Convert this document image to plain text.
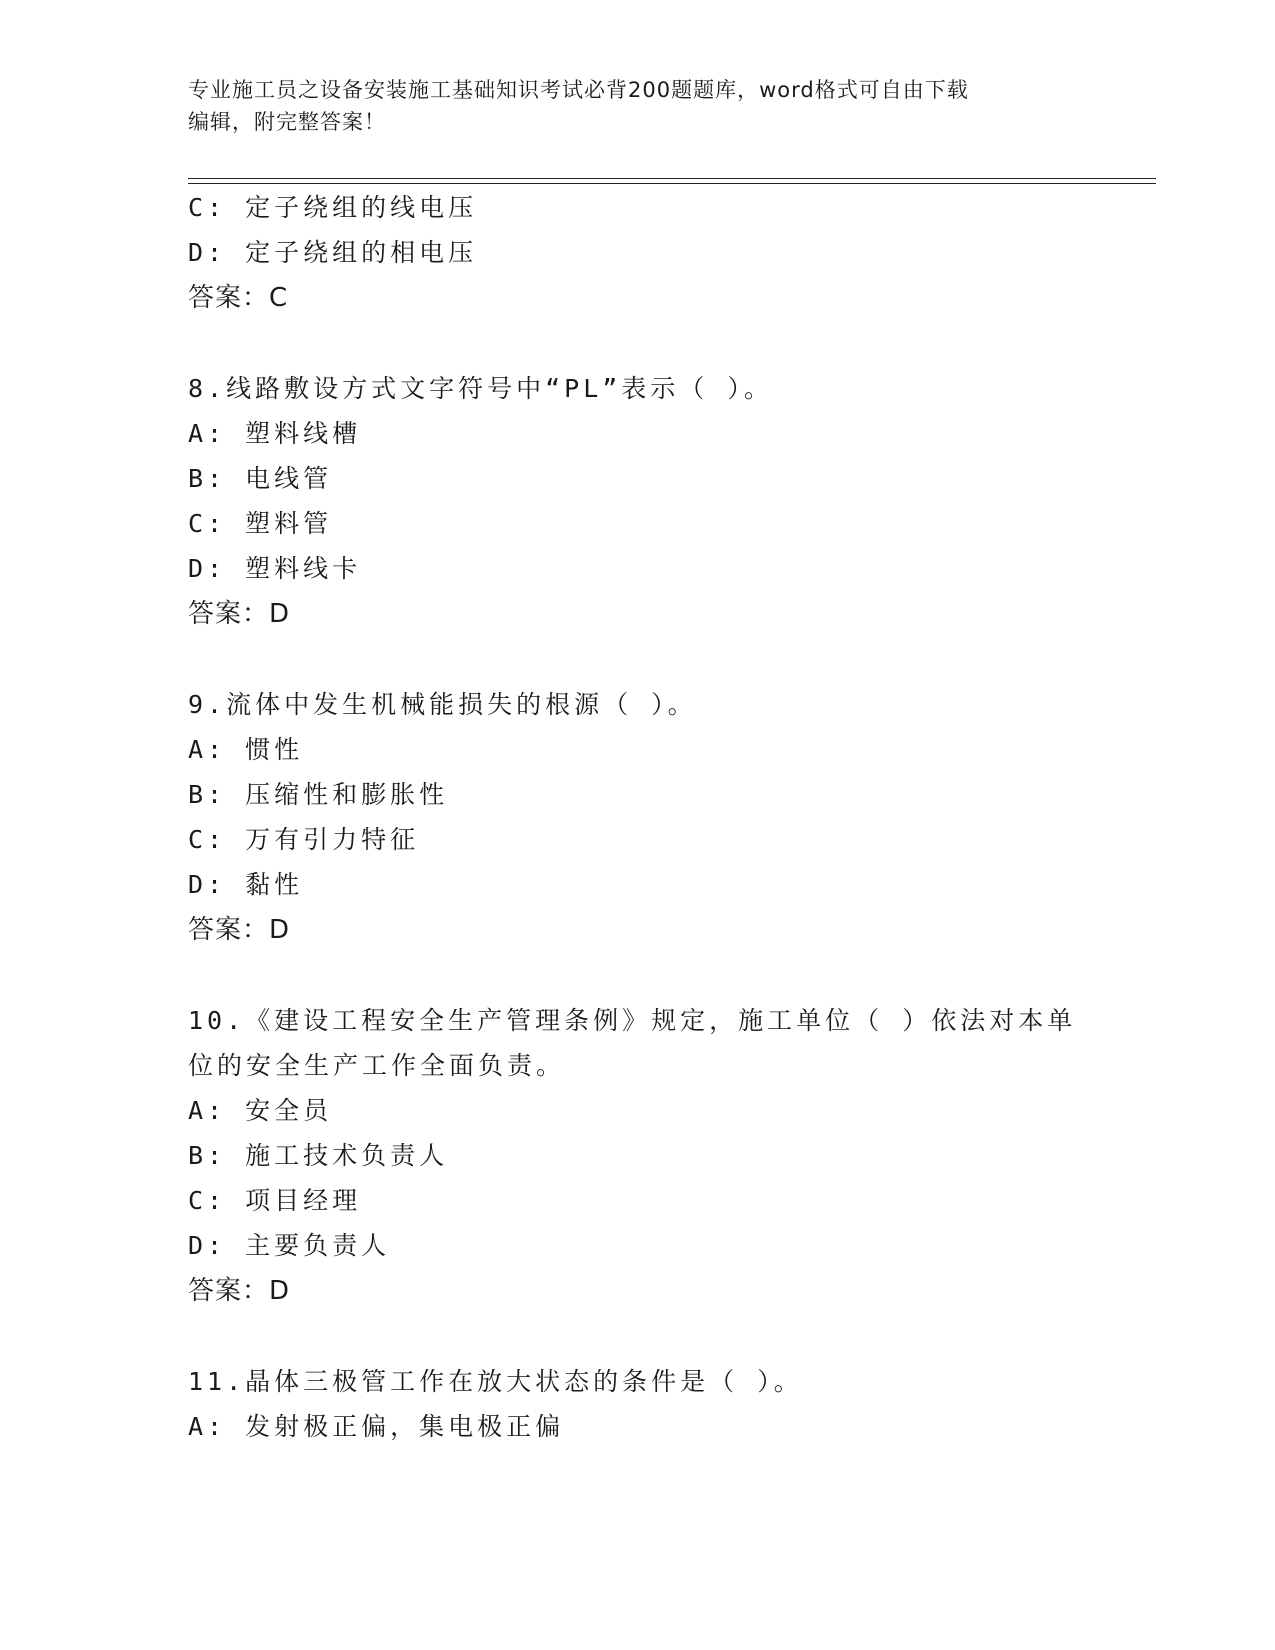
专业施工员之设备安装施工基础知识考试必背200题题库，word格式可自由下载
编辑，附完整答案！
C: 定子绕组的线电压
D: 定子绕组的相电压
答案：C
8.线路敷设方式文字符号中“PL”表示（ ）。
A: 塑料线槽
B: 电线管
C: 塑料管
D: 塑料线卡
答案：D
9.流体中发生机械能损失的根源（ ）。
A: 惯性
B: 压缩性和膨胀性
C: 万有引力特征
D: 黏性
答案：D
10.《建设工程安全生产管理条例》规定，施工单位（ ）依法对本单
位的安全生产工作全面负责。
A: 安全员
B: 施工技术负责人
C: 项目经理
D: 主要负责人
答案：D
11.晶体三极管工作在放大状态的条件是（ ）。
A: 发射极正偏，集电极正偏
